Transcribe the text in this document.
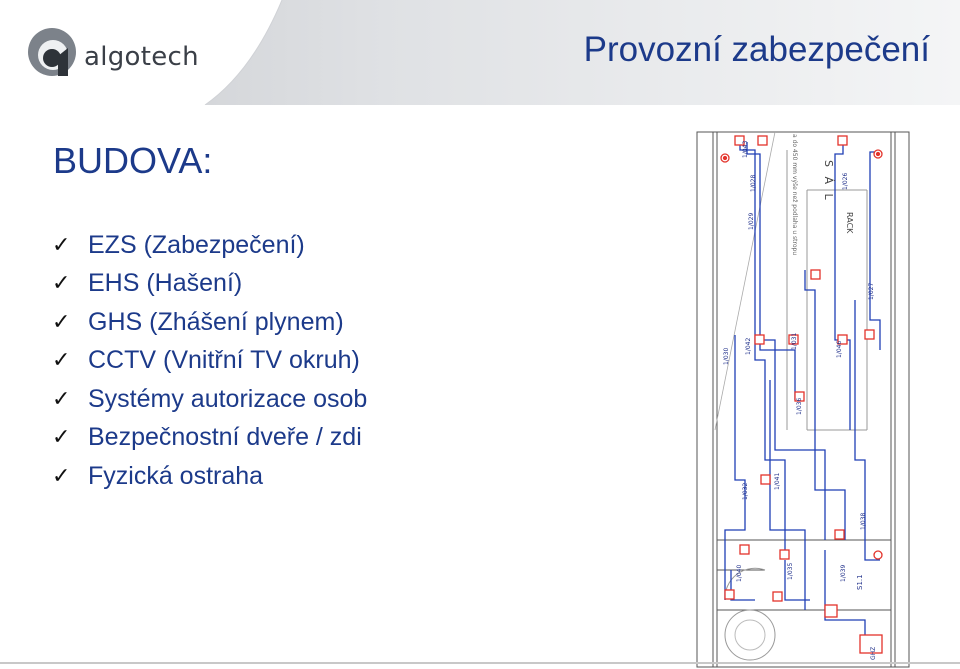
algotech	Provozní zabezpečení
BUDOVA:
✓ EZS (Zabezpečení)
✓ EHS (Hašení)
✓ GHS (Zhášení plynem)
✓ CCTV (Vnitřní TV okruh)
✓ Systémy autorizace osob
✓ Bezpečnostní dveře / zdi
✓ Fyzická ostraha
1/043
1/028
1/029
1/026
1/027
1/030
1/042	1/031	1/046
1/036
1/041
1/032
1/038
1/040	1/035	1/039
S Á L
RACK
a do 450 mm výše než podlaha u stropu
S1.1
GHZ
